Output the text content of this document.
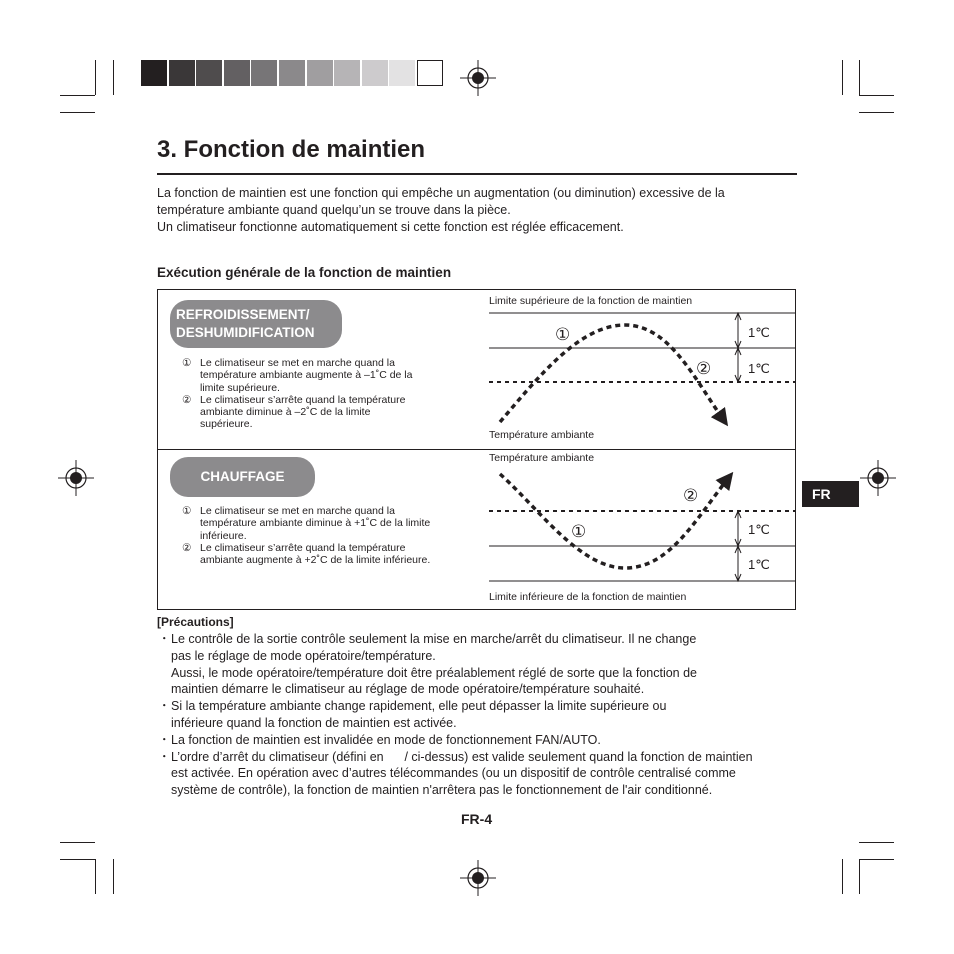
3. Fonction de maintien
La fonction de maintien est une fonction qui empêche un augmentation (ou diminution) excessive de la
température ambiante quand quelqu’un se trouve dans la pièce.
Un climatiseur fonctionne automatiquement si cette fonction est réglée efficacement.
Exécution générale de la fonction de maintien
REFROIDISSEMENT/
DESHUMIDIFICATION
① Le climatiseur se met en marche quand la
température ambiante augmente à –1˚C de la
limite supérieure.
② Le climatiseur s’arrête quand la température
ambiante diminue à –2˚C de la limite
supérieure.
Limite supérieure de la fonction de maintien
Température ambiante
①
②
1℃
1℃
CHAUFFAGE
① Le climatiseur se met en marche quand la
température ambiante diminue à +1˚C de la limite
inférieure.
② Le climatiseur s’arrête quand la température
ambiante augmente à +2˚C de la limite inférieure.
Température ambiante
Limite inférieure de la fonction de maintien
②
①	1℃
1℃
[Précautions]
・ Le contrôle de la sortie contrôle seulement la mise en marche/arrêt du climatiseur. Il ne change
pas le réglage de mode opératoire/température.
Aussi, le mode opératoire/température doit être préalablement réglé de sorte que la fonction de
maintien démarre le climatiseur au réglage de mode opératoire/température souhaité.
・ Si la température ambiante change rapidement, elle peut dépasser la limite supérieure ou
inférieure quand la fonction de maintien est activée.
・ La fonction de maintien est invalidée en mode de fonctionnement FAN/AUTO.
・ L’ordre d’arrêt du climatiseur (défini en      / ci-dessus) est valide seulement quand la fonction de maintien
est activée. En opération avec d’autres télécommandes (ou un dispositif de contrôle centralisé comme
système de contrôle), la fonction de maintien n'arrêtera pas le fonctionnement de l'air conditionné.
FR-4
FR
